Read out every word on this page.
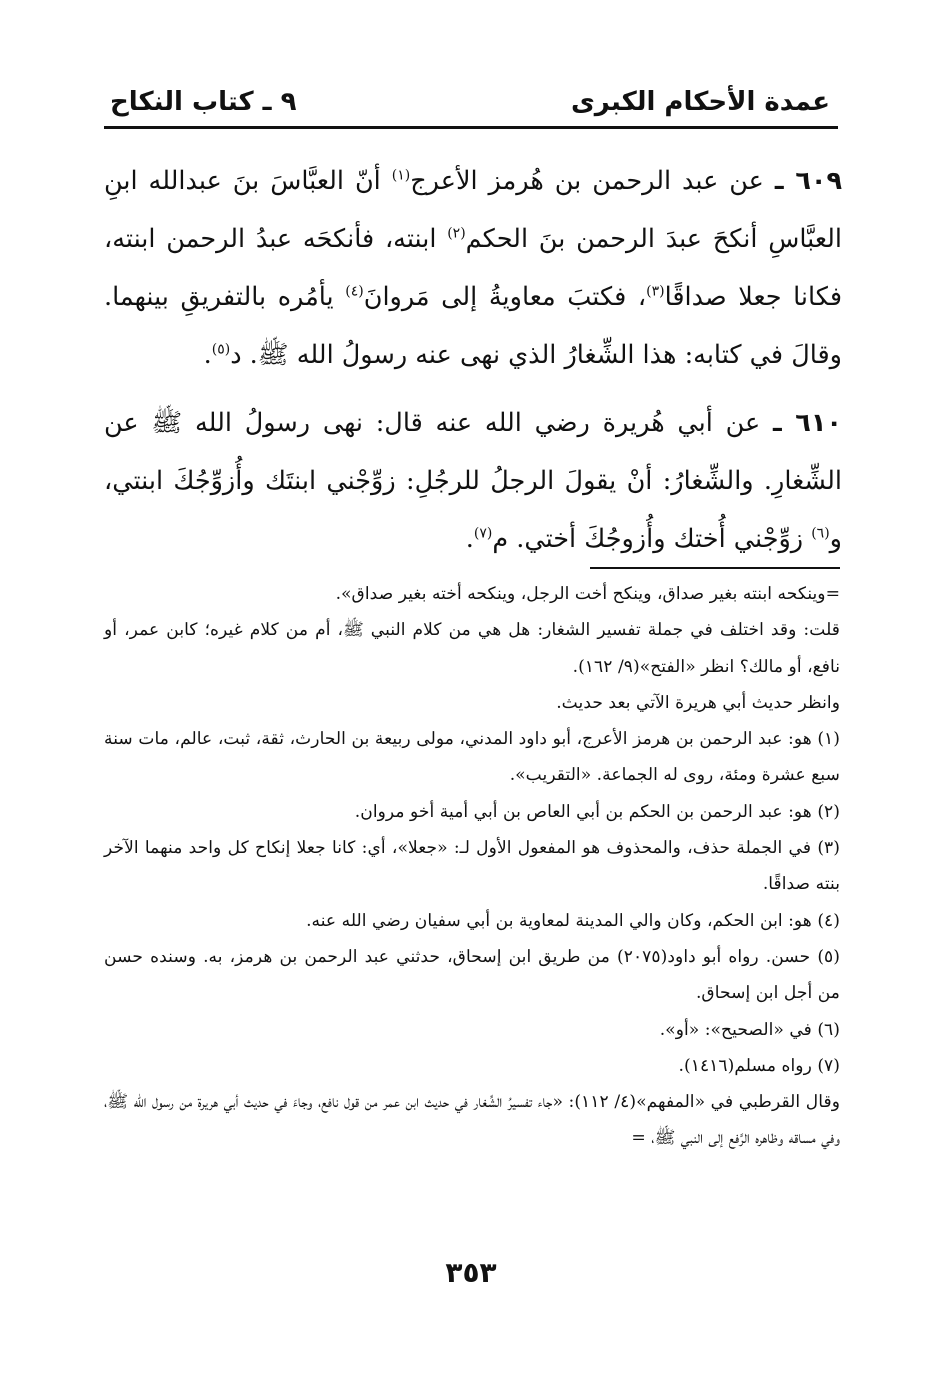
عمدة الأحكام الكبرى
٩ ـ كتاب النكاح

٦٠٩ ـ عن عبد الرحمن بن هُرمز الأعرج$^{(١)}$ أنّ العبَّاسَ بنَ عبدالله ابنِ العبَّاسِ أنكحَ عبدَ الرحمن بنَ الحكم$^{(٢)}$ ابنته، فأنكحَه عبدُ الرحمن ابنته، فكانا جعلا صداقًا$^{(٣)}$، فكتبَ معاويةُ إلى مَروانَ$^{(٤)}$ يأمُره بالتفريقِ بينهما. وقالَ في كتابه: هذا الشِّغارُ الذي نهى عنه رسولُ الله ﷺ. د$^{(٥)}$.

٦١٠ ـ عن أبي هُريرة رضي الله عنه قال: نهى رسولُ الله ﷺ عن الشِّغارِ. والشِّغارُ: أنْ يقولَ الرجلُ للرجُلِ: زوِّجْني ابنتَك وأُزوِّجُكَ ابنتي، و$^{(٦)}$ زوِّجْني أُختك وأُزوجُكَ أختي. م$^{(٧)}$.

=وينكحه ابنته بغير صداق، وينكح أخت الرجل، وينكحه أخته بغير صداق».

قلت: وقد اختلف في جملة تفسير الشغار: هل هي من كلام النبي ﷺ، أم من كلام غيره؛ كابن عمر، أو نافع، أو مالك؟ انظر «الفتح»(٩/ ١٦٢).

وانظر حديث أبي هريرة الآتي بعد حديث.

(١) هو: عبد الرحمن بن هرمز الأعرج، أبو داود المدني، مولى ربيعة بن الحارث، ثقة، ثبت، عالم، مات سنة سبع عشرة ومئة، روى له الجماعة. «التقريب».

(٢) هو: عبد الرحمن بن الحكم بن أبي العاص بن أبي أمية أخو مروان.

(٣) في الجملة حذف، والمحذوف هو المفعول الأول لـ: «جعلا»، أي: كانا جعلا إنكاح كل واحد منهما الآخر بنته صداقًا.

(٤) هو: ابن الحكم، وكان والي المدينة لمعاوية بن أبي سفيان رضي الله عنه.

(٥) حسن. رواه أبو داود(٢٠٧٥) من طريق ابن إسحاق، حدثني عبد الرحمن بن هرمز، به. وسنده حسن من أجل ابن إسحاق.

(٦) في «الصحيح»: «أو».

(٧) رواه مسلم(١٤١٦).

وقال القرطبي في «المفهم»(٤/ ١١٢): «جاء تفسيرُ الشِّغار في حديث ابن عمر من قول نافع، وجاءَ في حديث أبي هريرة من رسول الله ﷺ، وفي مساقه وظاهره الرَّفع إلى النبي ﷺ، =

٣٥٣
